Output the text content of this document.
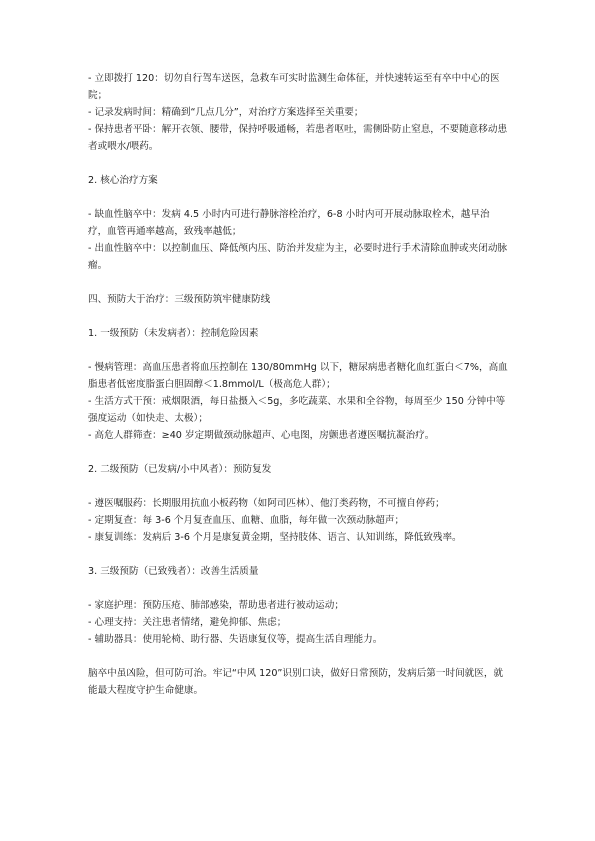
- 立即拨打 120：切勿自行驾车送医，急救车可实时监测生命体征，并快速转运至有卒中中心的医院；

- 记录发病时间：精确到“几点几分”，对治疗方案选择至关重要；

- 保持患者平卧：解开衣领、腰带，保持呼吸通畅，若患者呕吐，需侧卧防止窒息，不要随意移动患者或喂水/喂药。

2. 核心治疗方案

- 缺血性脑卒中：发病 4.5 小时内可进行静脉溶栓治疗，6-8 小时内可开展动脉取栓术，越早治疗，血管再通率越高，致残率越低；

- 出血性脑卒中：以控制血压、降低颅内压、防治并发症为主，必要时进行手术清除血肿或夹闭动脉瘤。

四、预防大于治疗：三级预防筑牢健康防线

1. 一级预防（未发病者）：控制危险因素

- 慢病管理：高血压患者将血压控制在 130/80mmHg 以下，糖尿病患者糖化血红蛋白＜7%，高血脂患者低密度脂蛋白胆固醇＜1.8mmol/L（极高危人群）；

- 生活方式干预：戒烟限酒，每日盐摄入＜5g，多吃蔬菜、水果和全谷物，每周至少 150 分钟中等强度运动（如快走、太极）；

- 高危人群筛查：≥40 岁定期做颈动脉超声、心电图，房颤患者遵医嘱抗凝治疗。

2. 二级预防（已发病/小中风者）：预防复发

- 遵医嘱服药：长期服用抗血小板药物（如阿司匹林）、他汀类药物，不可擅自停药；

- 定期复查：每 3-6 个月复查血压、血糖、血脂，每年做一次颈动脉超声；

- 康复训练：发病后 3-6 个月是康复黄金期，坚持肢体、语言、认知训练，降低致残率。

3. 三级预防（已致残者）：改善生活质量

- 家庭护理：预防压疮、肺部感染，帮助患者进行被动运动；

- 心理支持：关注患者情绪，避免抑郁、焦虑；

- 辅助器具：使用轮椅、助行器、失语康复仪等，提高生活自理能力。

脑卒中虽凶险，但可防可治。牢记“中风 120”识别口诀，做好日常预防，发病后第一时间就医，就能最大程度守护生命健康。
